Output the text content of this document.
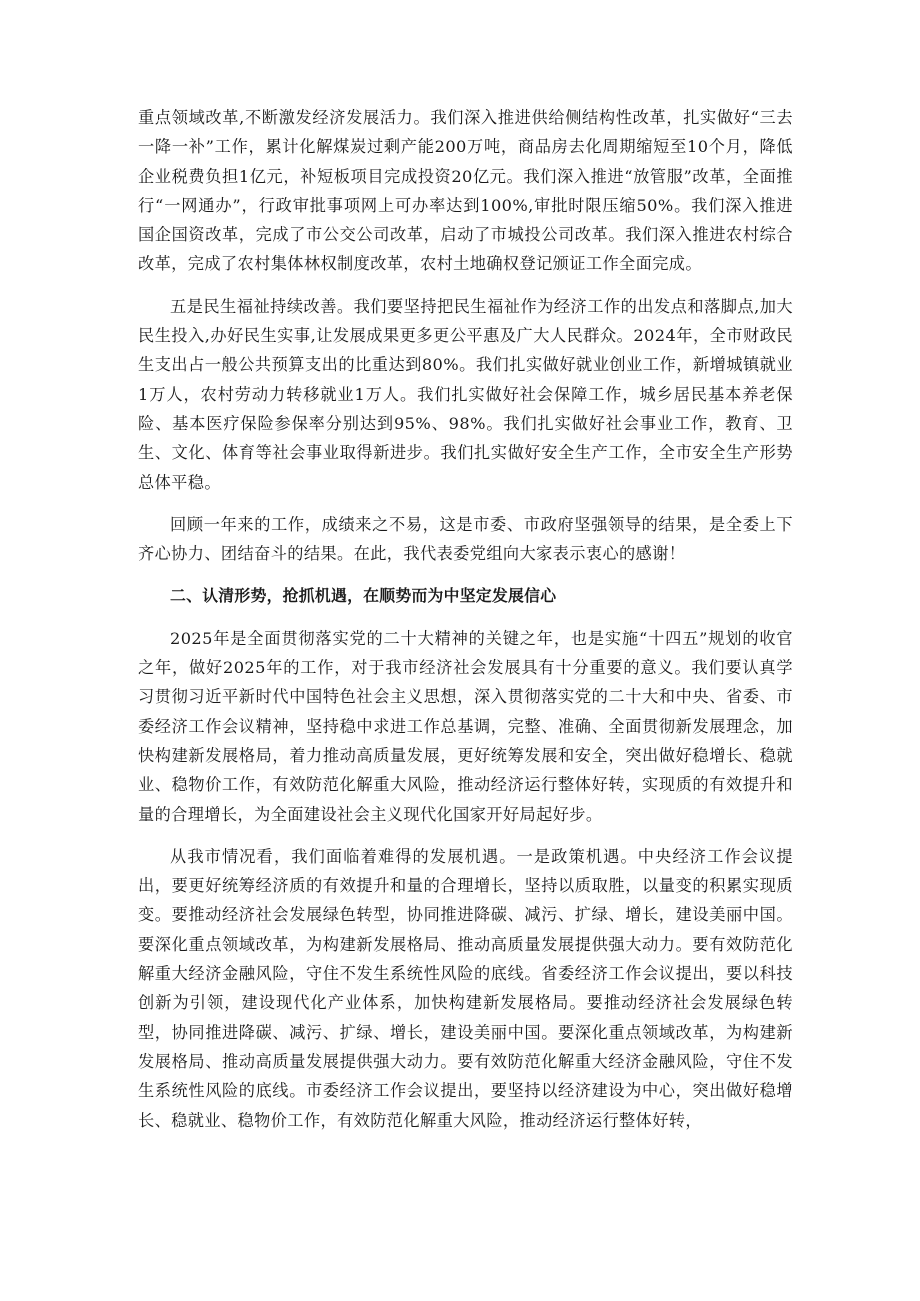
重点领域改革,不断激发经济发展活力。我们深入推进供给侧结构性改革，扎实做好“三去一降一补”工作，累计化解煤炭过剩产能200万吨，商品房去化周期缩短至10个月，降低企业税费负担1亿元，补短板项目完成投资20亿元。我们深入推进“放管服”改革，全面推行“一网通办”，行政审批事项网上可办率达到100%,审批时限压缩50%。我们深入推进国企国资改革，完成了市公交公司改革，启动了市城投公司改革。我们深入推进农村综合改革，完成了农村集体林权制度改革，农村土地确权登记颁证工作全面完成。

五是民生福祉持续改善。我们要坚持把民生福祉作为经济工作的出发点和落脚点,加大民生投入,办好民生实事,让发展成果更多更公平惠及广大人民群众。2024年，全市财政民生支出占一般公共预算支出的比重达到80%。我们扎实做好就业创业工作，新增城镇就业1万人，农村劳动力转移就业1万人。我们扎实做好社会保障工作，城乡居民基本养老保险、基本医疗保险参保率分别达到95%、98%。我们扎实做好社会事业工作，教育、卫生、文化、体育等社会事业取得新进步。我们扎实做好安全生产工作，全市安全生产形势总体平稳。

回顾一年来的工作，成绩来之不易，这是市委、市政府坚强领导的结果，是全委上下齐心协力、团结奋斗的结果。在此，我代表委党组向大家表示衷心的感谢！

二、认清形势，抢抓机遇，在顺势而为中坚定发展信心

2025年是全面贯彻落实党的二十大精神的关键之年，也是实施“十四五”规划的收官之年，做好2025年的工作，对于我市经济社会发展具有十分重要的意义。我们要认真学习贯彻习近平新时代中国特色社会主义思想，深入贯彻落实党的二十大和中央、省委、市委经济工作会议精神，坚持稳中求进工作总基调，完整、准确、全面贯彻新发展理念，加快构建新发展格局，着力推动高质量发展，更好统筹发展和安全，突出做好稳增长、稳就业、稳物价工作，有效防范化解重大风险，推动经济运行整体好转，实现质的有效提升和量的合理增长，为全面建设社会主义现代化国家开好局起好步。

从我市情况看，我们面临着难得的发展机遇。一是政策机遇。中央经济工作会议提出，要更好统筹经济质的有效提升和量的合理增长，坚持以质取胜，以量变的积累实现质变。要推动经济社会发展绿色转型，协同推进降碳、减污、扩绿、增长，建设美丽中国。要深化重点领域改革，为构建新发展格局、推动高质量发展提供强大动力。要有效防范化解重大经济金融风险，守住不发生系统性风险的底线。省委经济工作会议提出，要以科技创新为引领，建设现代化产业体系，加快构建新发展格局。要推动经济社会发展绿色转型，协同推进降碳、减污、扩绿、增长，建设美丽中国。要深化重点领域改革，为构建新发展格局、推动高质量发展提供强大动力。要有效防范化解重大经济金融风险，守住不发生系统性风险的底线。市委经济工作会议提出，要坚持以经济建设为中心，突出做好稳增长、稳就业、稳物价工作，有效防范化解重大风险，推动经济运行整体好转，
